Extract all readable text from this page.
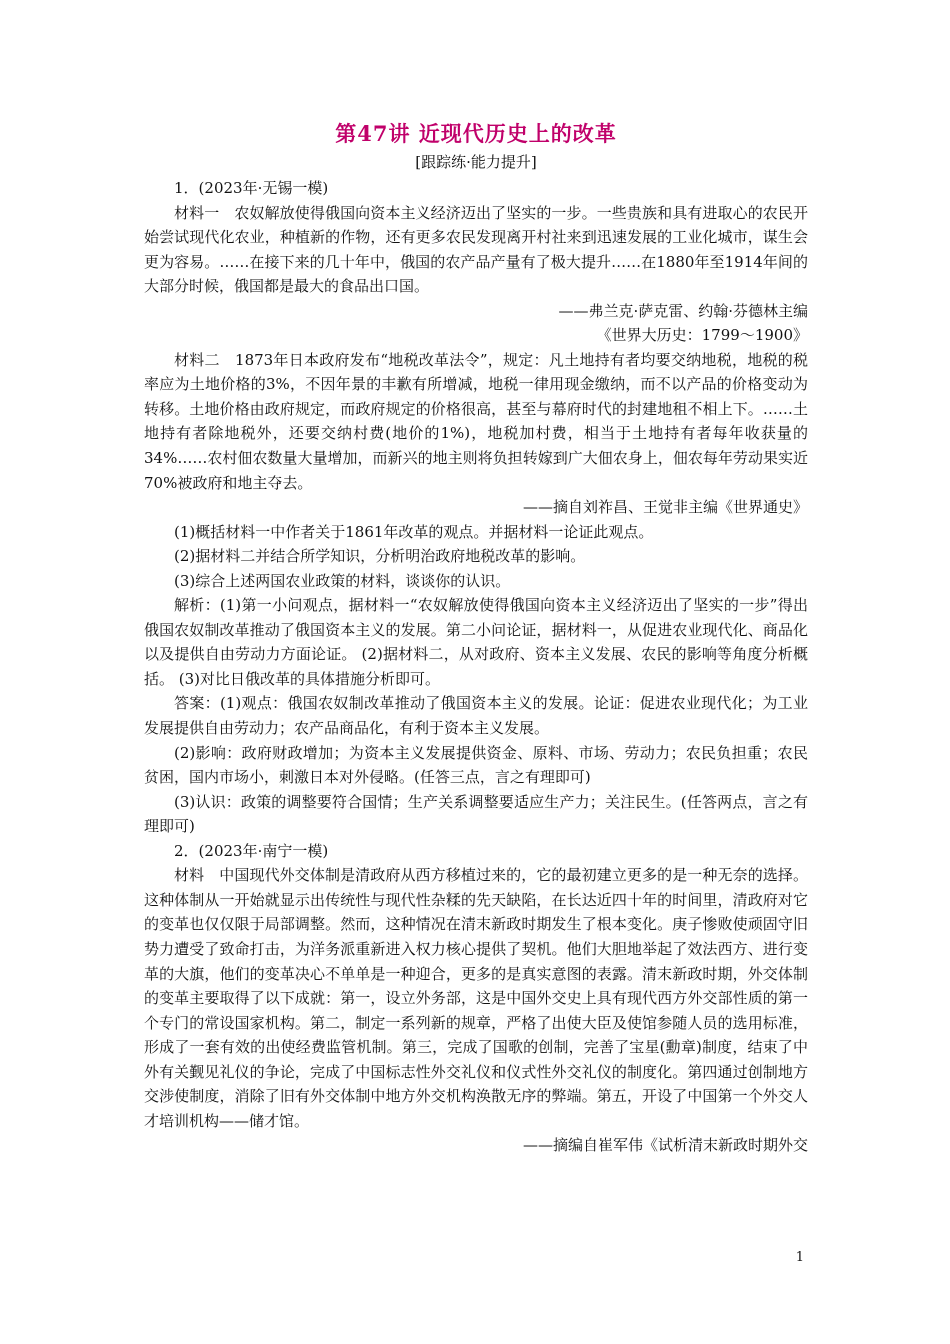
第47讲 近现代历史上的改革
[跟踪练·能力提升]

1．(2023年·无锡一模)

材料一　农奴解放使得俄国向资本主义经济迈出了坚实的一步。一些贵族和具有进取心的农民开始尝试现代化农业，种植新的作物，还有更多农民发现离开村社来到迅速发展的工业化城市，谋生会更为容易。……在接下来的几十年中，俄国的农产品产量有了极大提升……在1880年至1914年间的大部分时候，俄国都是最大的食品出口国。

——弗兰克·萨克雷、约翰·芬德林主编

《世界大历史：1799～1900》

材料二　1873年日本政府发布“地税改革法令”，规定：凡土地持有者均要交纳地税，地税的税率应为土地价格的3%，不因年景的丰歉有所增减，地税一律用现金缴纳，而不以产品的价格变动为转移。土地价格由政府规定，而政府规定的价格很高，甚至与幕府时代的封建地租不相上下。……土地持有者除地税外，还要交纳村费(地价的1%)，地税加村费，相当于土地持有者每年收获量的34%……农村佃农数量大量增加，而新兴的地主则将负担转嫁到广大佃农身上，佃农每年劳动果实近70%被政府和地主夺去。

——摘自刘祚昌、王觉非主编《世界通史》

(1)概括材料一中作者关于1861年改革的观点。并据材料一论证此观点。

(2)据材料二并结合所学知识，分析明治政府地税改革的影响。

(3)综合上述两国农业政策的材料，谈谈你的认识。

解析：(1)第一小问观点，据材料一“农奴解放使得俄国向资本主义经济迈出了坚实的一步”得出俄国农奴制改革推动了俄国资本主义的发展。第二小问论证，据材料一，从促进农业现代化、商品化以及提供自由劳动力方面论证。 (2)据材料二，从对政府、资本主义发展、农民的影响等角度分析概括。 (3)对比日俄改革的具体措施分析即可。

答案：(1)观点：俄国农奴制改革推动了俄国资本主义的发展。论证：促进农业现代化；为工业发展提供自由劳动力；农产品商品化，有利于资本主义发展。

(2)影响：政府财政增加；为资本主义发展提供资金、原料、市场、劳动力；农民负担重；农民贫困，国内市场小，刺激日本对外侵略。(任答三点，言之有理即可)

(3)认识：政策的调整要符合国情；生产关系调整要适应生产力；关注民生。(任答两点，言之有理即可)

2．(2023年·南宁一模)

材料　中国现代外交体制是清政府从西方移植过来的，它的最初建立更多的是一种无奈的选择。这种体制从一开始就显示出传统性与现代性杂糅的先天缺陷，在长达近四十年的时间里，清政府对它的变革也仅仅限于局部调整。然而，这种情况在清末新政时期发生了根本变化。庚子惨败使顽固守旧势力遭受了致命打击，为洋务派重新进入权力核心提供了契机。他们大胆地举起了效法西方、进行变革的大旗，他们的变革决心不单单是一种迎合，更多的是真实意图的表露。清末新政时期，外交体制的变革主要取得了以下成就：第一，设立外务部，这是中国外交史上具有现代西方外交部性质的第一个专门的常设国家机构。第二，制定一系列新的规章，严格了出使大臣及使馆参随人员的选用标准，形成了一套有效的出使经费监管机制。第三，完成了国歌的创制，完善了宝星(勳章)制度，结束了中外有关觐见礼仪的争论，完成了中国标志性外交礼仪和仪式性外交礼仪的制度化。第四通过创制地方交涉使制度，消除了旧有外交体制中地方外交机构涣散无序的弊端。第五，开设了中国第一个外交人才培训机构——储才馆。

——摘编自崔军伟《试析清末新政时期外交

1
